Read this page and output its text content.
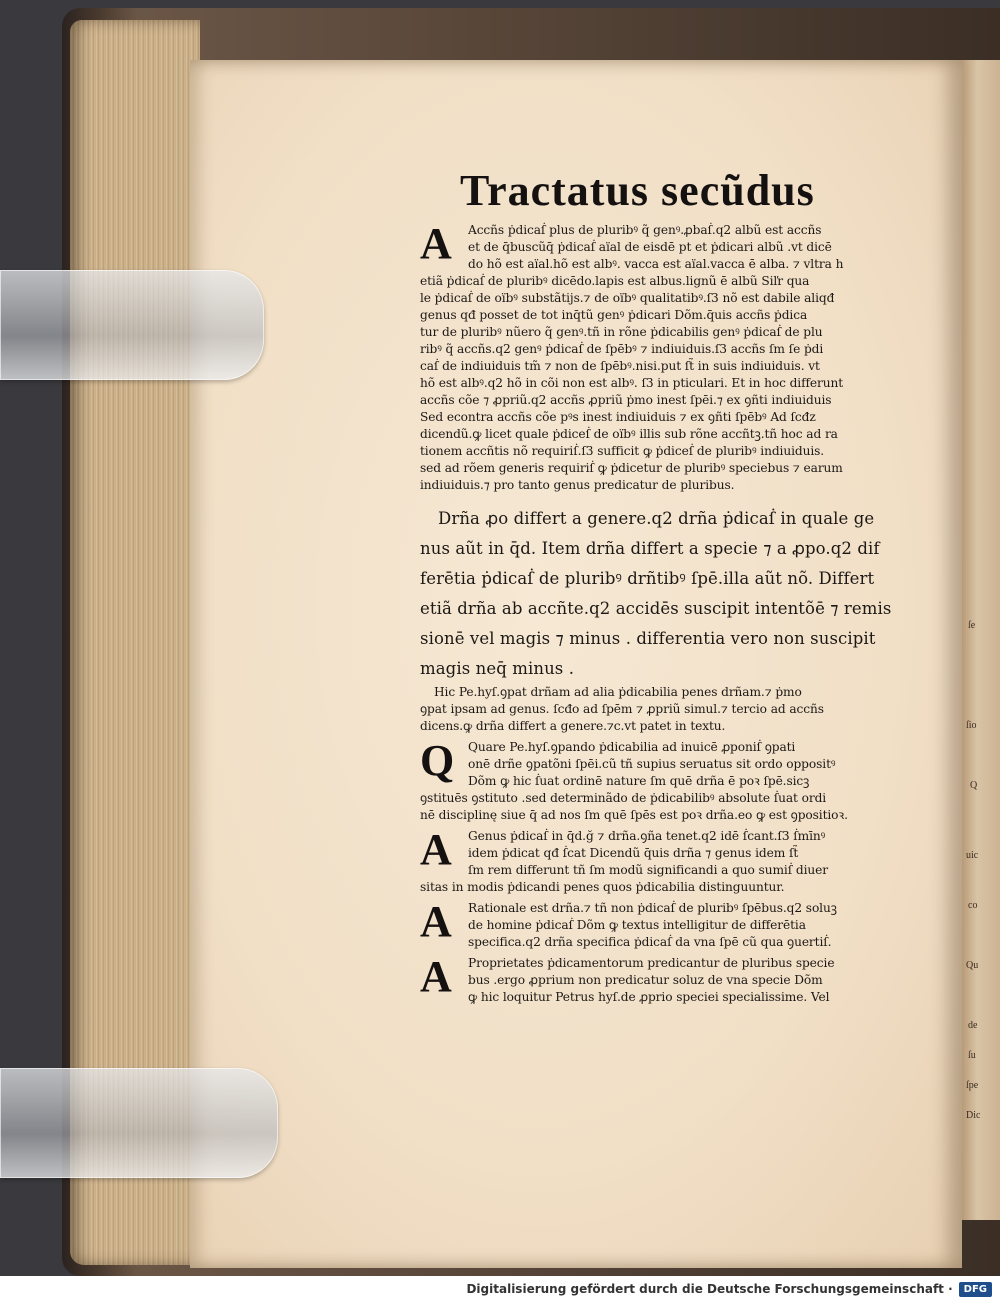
ſe
ſio
Q
uic
co
Qu
de
ſu
ſpe
Dic
Tractatus secũdus
A	Accñs ṗdicaẛ plus de pluribꝰ q̃ genꝰ.ꝓbaẛ.q2 albũ est accñs
et de q̄buscũq̄ ṗdicaẛ aïal de eisdē pt et ṗdicari albũ .vt dicē
do hõ est aïal.hõ est albꝰ. vacca est aïal.vacca ē alba. ⁊ vltra h
etiã ṗdicaẛ de pluribꝰ dicēdo.lapis est albus.lignũ ē albũ Siľr qua
le ṗdicaẛ de oïbꝰ substãtijs.⁊ de oïbꝰ qualitatibꝰ.ſ3 nõ est dabile aliqđ
genus qđ posset de tot inq̄tũ genꝰ ṗdicari Dõm.q̄uis accñs ṗdica
tur de pluribꝰ nũero q̃ genꝰ.tñ in rõne ṗdicabilis genꝰ ṗdicaẛ de plu
ribꝰ q̃ accñs.q2 genꝰ ṗdicaẛ de ſpēbꝰ ⁊ indiuiduis.ſ3 accñs ſm ſe ṗdi
caẛ de indiuiduis tm̃ ⁊ non de ſpēbꝰ.nisi.put ſt̃ in suis indiuiduis. vt
hõ est albꝰ.q2 hõ in cõi non est albꝰ. ſ3 in pticulari. Et in hoc differunt
accñs cõe ⁊ ꝓpriũ.q2 accñs ꝓpriũ ṗmo inest ſpēi.⁊ ex ꝯñti indiuiduis
Sed econtra accñs cõe pꝰs inest indiuiduis ⁊ ex ꝯñti ſpēbꝰ Ad ſcđz
dicendũ.ꝙ licet quale ṗdiceẛ de oïbꝰ illis sub rõne accñtꝫ.tñ hoc ad ra
tionem accñtis nõ requiriẛ.ſ3 sufficit ꝙ ṗdiceẛ de pluribꝰ indiuiduis.
sed ad rõem generis requiriẛ ꝙ ṗdicetur de pluribꝰ speciebus ⁊ earum
indiuiduis.⁊ pro tanto genus predicatur de pluribus.
Drña ꝓo differt a genere.q2 drña ṗdicaẛ in quale ge
nus aũt in q̄d. Item drña differt a specie ⁊ a ꝓpo.q2 dif
ferētia ṗdicaẛ de pluribꝰ drñtibꝰ ſpē.illa aũt nõ. Differt
etiã drña ab accñte.q2 accidēs suscipit intentõē ⁊ remis
sionē vel magis ⁊ minus . differentia vero non suscipit
magis neq̄ minus .
Hic Pe.hyſ.ꝯpat drñam ad alia ṗdicabilia penes drñam.⁊ ṗmo
ꝯpat ipsam ad genus. ſcđo ad ſpēm ⁊ ꝓpriũ simul.⁊ tercio ad accñs
dicens.ꝙ drña differt a genere.⁊c.vt patet in textu.
Q	Quare Pe.hyſ.ꝯpando ṗdicabilia ad inuicē ꝓponiẛ ꝯpati
onē drñe ꝯpatõni ſpēi.cũ tñ supius seruatus sit ordo oppositꝰ
Dõm ꝙ hic ẛuat ordinē nature ſm quē drña ē poꝛ ſpē.sicꝫ
ꝯstituēs ꝯstituto .sed determinãdo de ṗdicabilibꝰ absolute ẛuat ordi
nē disciplinę siue q̄ ad nos ſm quē ſpēs est poꝛ drña.eo ꝙ est ꝯpositioꝛ.
A	Genus ṗdicaẛ in q̄d.ğ ⁊ drña.ꝯña tenet.q2 idē ẛcant.ſ3 ẛmīnꝰ
idem ṗdicat qđ ẛcat Dicendũ q̄uis drña ⁊ genus idem ſt̃
ſm rem differunt tñ ſm modũ significandi a quo sumiẛ diuer
sitas in modis ṗdicandi penes quos ṗdicabilia distinguuntur.
A	Rationale est drña.⁊ tñ non ṗdicaẛ de pluribꝰ ſpēbus.q2 soluꝫ
de homine ṗdicaẛ Dõm ꝙ textus intelligitur de differētia
specifica.q2 drña specifica ṗdicaẛ da vna ſpē cũ qua ꝯuertiẛ.
A	Proprietates ṗdicamentorum predicantur de pluribus specie
bus .ergo ꝓprium non predicatur soluz de vna specie Dõm
ꝙ hic loquitur Petrus hyſ.de ꝓprio speciei specialissime. Vel
Digitalisierung gefördert durch die Deutsche Forschungsgemeinschaft ·	DFG
